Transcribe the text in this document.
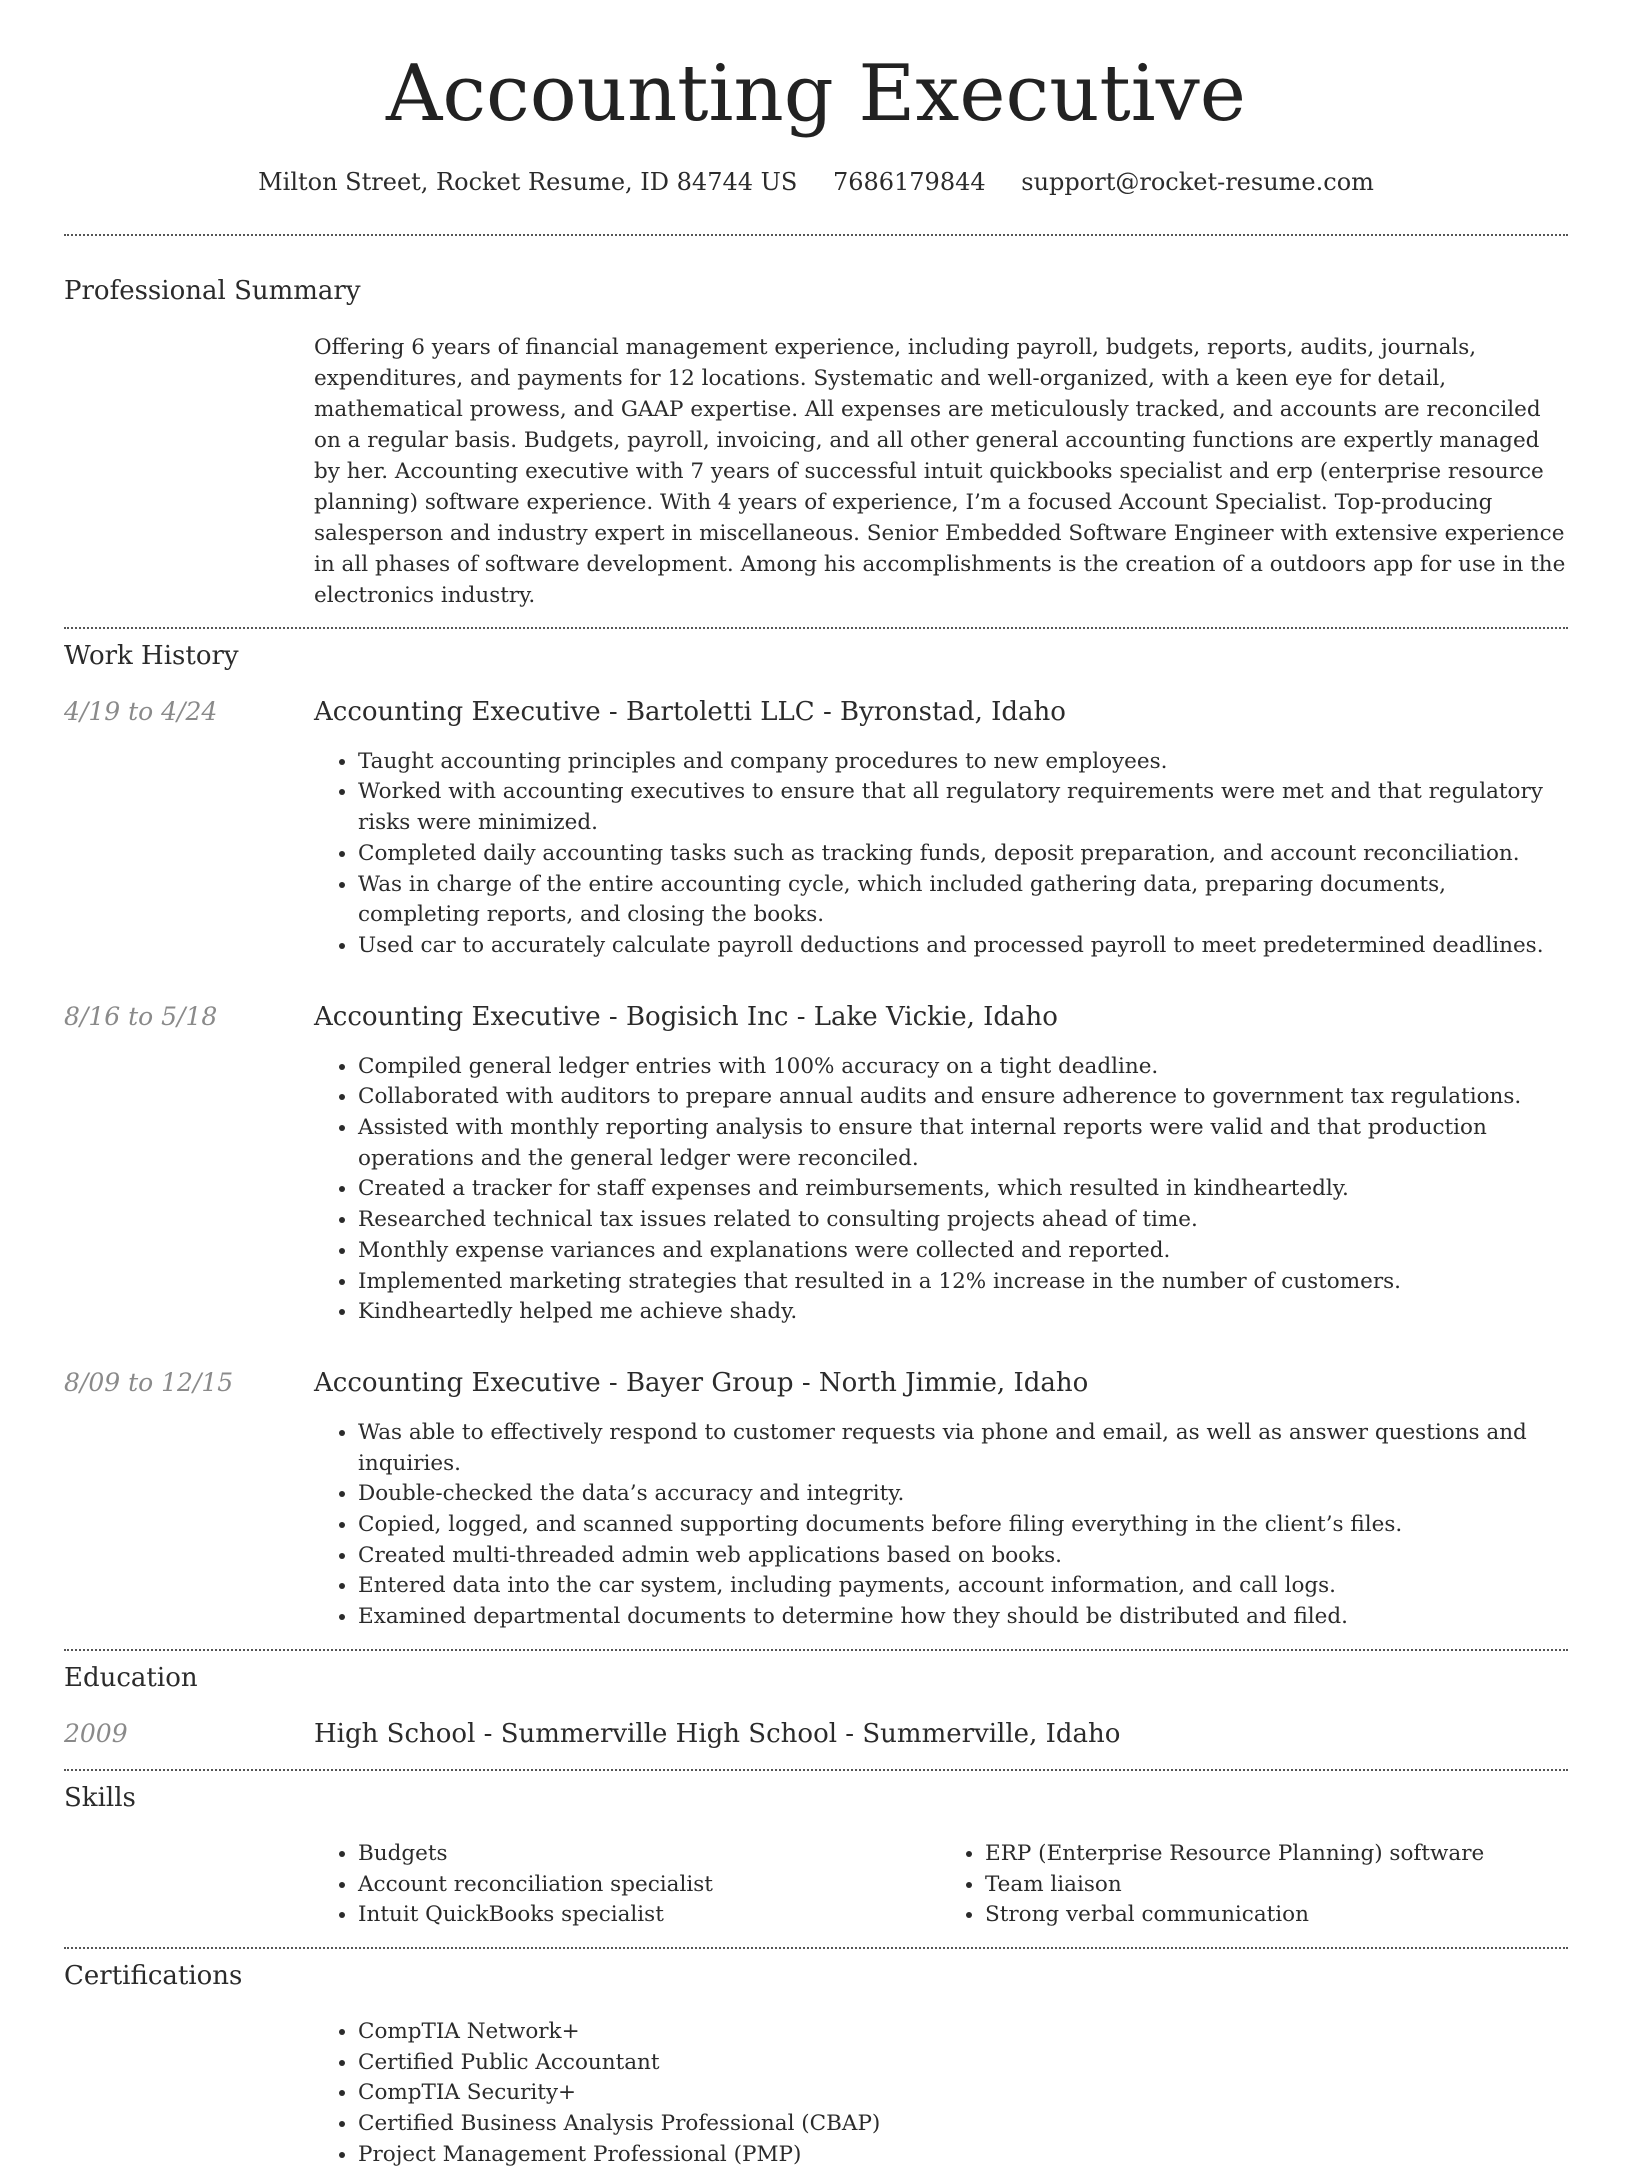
Accounting Executive
Milton Street, Rocket Resume, ID 84744 US 7686179844 support@rocket-resume.com
Professional Summary
Offering 6 years of financial management experience, including payroll, budgets, reports, audits, journals, expenditures, and payments for 12 locations. Systematic and well-organized, with a keen eye for detail, mathematical prowess, and GAAP expertise. All expenses are meticulously tracked, and accounts are reconciled on a regular basis. Budgets, payroll, invoicing, and all other general accounting functions are expertly managed by her. Accounting executive with 7 years of successful intuit quickbooks specialist and erp (enterprise resource planning) software experience. With 4 years of experience, I’m a focused Account Specialist. Top-producing salesperson and industry expert in miscellaneous. Senior Embedded Software Engineer with extensive experience in all phases of software development. Among his accomplishments is the creation of a outdoors app for use in the electronics industry.
Work History
4/19 to 4/24	Accounting Executive - Bartoletti LLC - Byronstad, Idaho
• Taught accounting principles and company procedures to new employees.
• Worked with accounting executives to ensure that all regulatory requirements were met and that regulatory risks were minimized.
• Completed daily accounting tasks such as tracking funds, deposit preparation, and account reconciliation.
• Was in charge of the entire accounting cycle, which included gathering data, preparing documents, completing reports, and closing the books.
• Used car to accurately calculate payroll deductions and processed payroll to meet predetermined deadlines.
8/16 to 5/18	Accounting Executive - Bogisich Inc - Lake Vickie, Idaho
• Compiled general ledger entries with 100% accuracy on a tight deadline.
• Collaborated with auditors to prepare annual audits and ensure adherence to government tax regulations.
• Assisted with monthly reporting analysis to ensure that internal reports were valid and that production operations and the general ledger were reconciled.
• Created a tracker for staff expenses and reimbursements, which resulted in kindheartedly.
• Researched technical tax issues related to consulting projects ahead of time.
• Monthly expense variances and explanations were collected and reported.
• Implemented marketing strategies that resulted in a 12% increase in the number of customers.
• Kindheartedly helped me achieve shady.
8/09 to 12/15	Accounting Executive - Bayer Group - North Jimmie, Idaho
• Was able to effectively respond to customer requests via phone and email, as well as answer questions and inquiries.
• Double-checked the data’s accuracy and integrity.
• Copied, logged, and scanned supporting documents before filing everything in the client’s files.
• Created multi-threaded admin web applications based on books.
• Entered data into the car system, including payments, account information, and call logs.
• Examined departmental documents to determine how they should be distributed and filed.
Education
2009	High School - Summerville High School - Summerville, Idaho
Skills
• Budgets
• Account reconciliation specialist
• Intuit QuickBooks specialist
• ERP (Enterprise Resource Planning) software
• Team liaison
• Strong verbal communication
Certifications
• CompTIA Network+
• Certified Public Accountant
• CompTIA Security+
• Certified Business Analysis Professional (CBAP)
• Project Management Professional (PMP)
